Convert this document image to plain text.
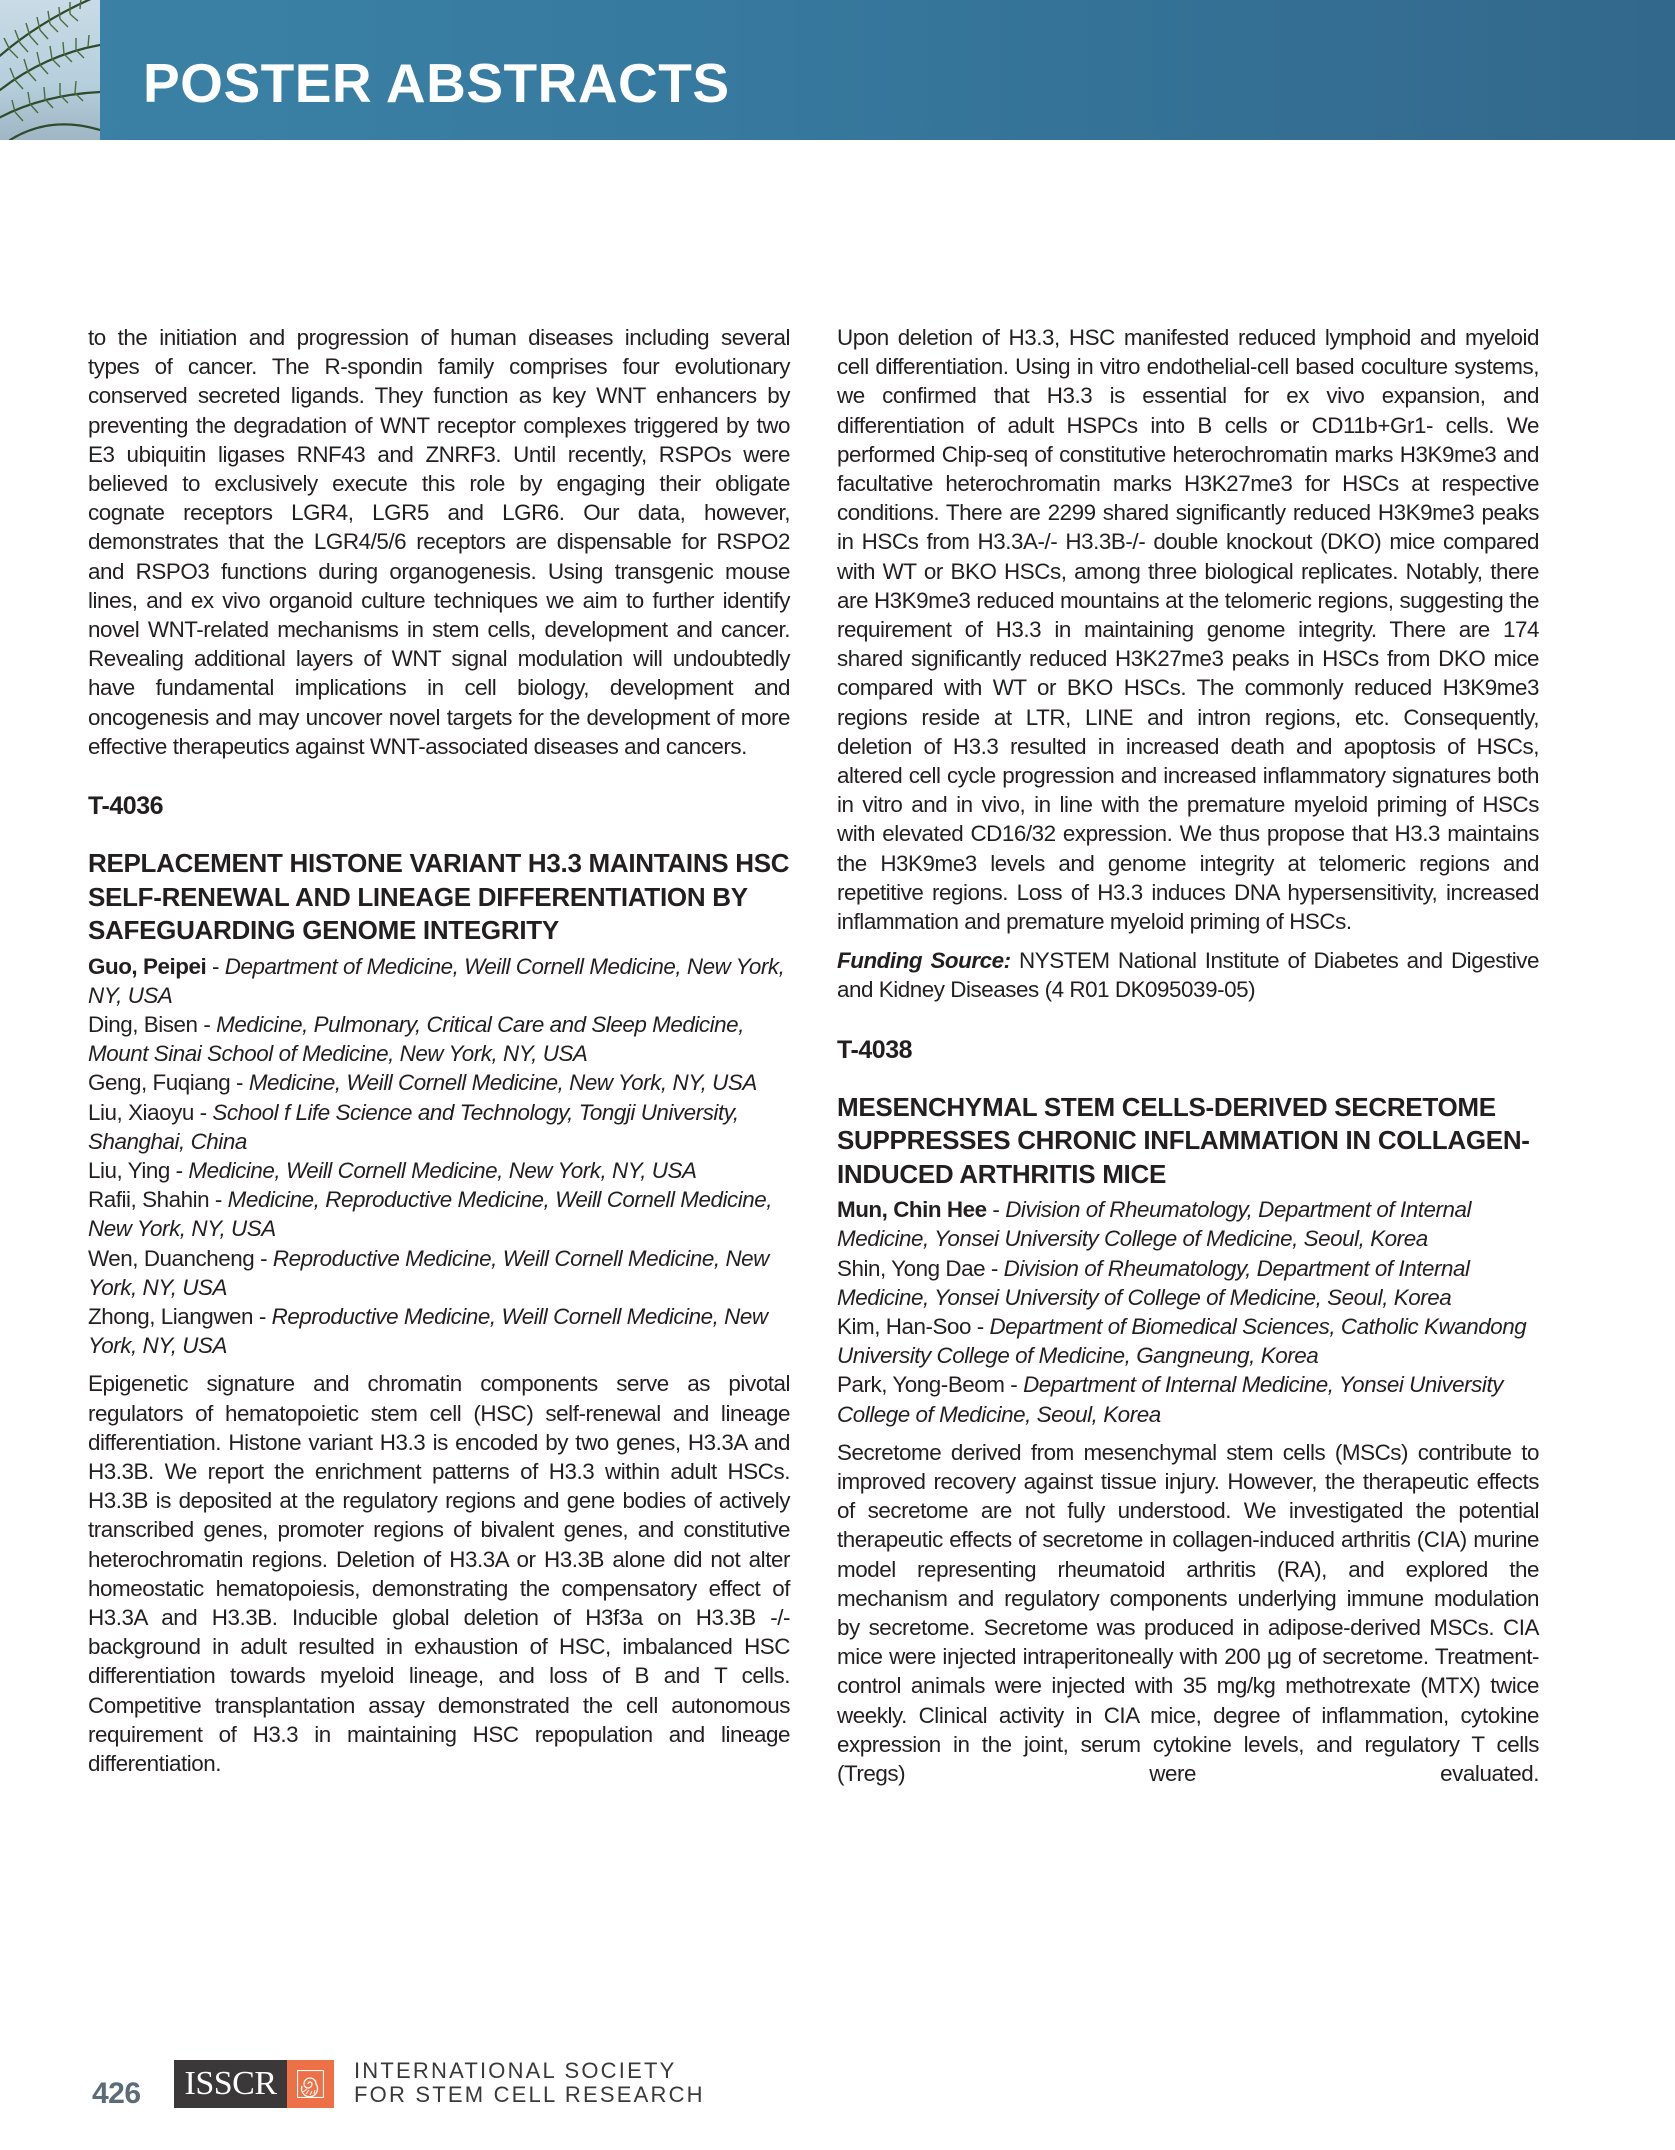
POSTER ABSTRACTS

to the initiation and progression of human diseases including several types of cancer. The R-spondin family comprises four evolutionary conserved secreted ligands. They function as key WNT enhancers by preventing the degradation of WNT receptor complexes triggered by two E3 ubiquitin ligases RNF43 and ZNRF3. Until recently, RSPOs were believed to exclusively execute this role by engaging their obligate cognate receptors LGR4, LGR5 and LGR6. Our data, however, demonstrates that the LGR4/5/6 receptors are dispensable for RSPO2 and RSPO3 functions during organogenesis. Using transgenic mouse lines, and ex vivo organoid culture techniques we aim to further identify novel WNT-related mechanisms in stem cells, development and cancer. Revealing additional layers of WNT signal modulation will undoubtedly have fundamental implications in cell biology, development and oncogenesis and may uncover novel targets for the development of more effective therapeutics against WNT-associated diseases and cancers.

T-4036
REPLACEMENT HISTONE VARIANT H3.3 MAINTAINS HSC SELF-RENEWAL AND LINEAGE DIFFERENTIATION BY SAFEGUARDING GENOME INTEGRITY
Guo, Peipei - Department of Medicine, Weill Cornell Medicine, New York, NY, USA
Ding, Bisen - Medicine, Pulmonary, Critical Care and Sleep Medicine, Mount Sinai School of Medicine, New York, NY, USA
Geng, Fuqiang - Medicine, Weill Cornell Medicine, New York, NY, USA
Liu, Xiaoyu - School f Life Science and Technology, Tongji University, Shanghai, China
Liu, Ying - Medicine, Weill Cornell Medicine, New York, NY, USA
Rafii, Shahin - Medicine, Reproductive Medicine, Weill Cornell Medicine, New York, NY, USA
Wen, Duancheng - Reproductive Medicine, Weill Cornell Medicine, New York, NY, USA
Zhong, Liangwen - Reproductive Medicine, Weill Cornell Medicine, New York, NY, USA

Epigenetic signature and chromatin components serve as pivotal regulators of hematopoietic stem cell (HSC) self-renewal and lineage differentiation. Histone variant H3.3 is encoded by two genes, H3.3A and H3.3B. We report the enrichment patterns of H3.3 within adult HSCs. H3.3B is deposited at the regulatory regions and gene bodies of actively transcribed genes, promoter regions of bivalent genes, and constitutive heterochromatin regions. Deletion of H3.3A or H3.3B alone did not alter homeostatic hematopoiesis, demonstrating the compensatory effect of H3.3A and H3.3B. Inducible global deletion of H3f3a on H3.3B -/- background in adult resulted in exhaustion of HSC, imbalanced HSC differentiation towards myeloid lineage, and loss of B and T cells. Competitive transplantation assay demonstrated the cell autonomous requirement of H3.3 in maintaining HSC repopulation and lineage differentiation.

Upon deletion of H3.3, HSC manifested reduced lymphoid and myeloid cell differentiation. Using in vitro endothelial-cell based coculture systems, we confirmed that H3.3 is essential for ex vivo expansion, and differentiation of adult HSPCs into B cells or CD11b+Gr1- cells. We performed Chip-seq of constitutive heterochromatin marks H3K9me3 and facultative heterochromatin marks H3K27me3 for HSCs at respective conditions. There are 2299 shared significantly reduced H3K9me3 peaks in HSCs from H3.3A-/- H3.3B-/- double knockout (DKO) mice compared with WT or BKO HSCs, among three biological replicates. Notably, there are H3K9me3 reduced mountains at the telomeric regions, suggesting the requirement of H3.3 in maintaining genome integrity. There are 174 shared significantly reduced H3K27me3 peaks in HSCs from DKO mice compared with WT or BKO HSCs. The commonly reduced H3K9me3 regions reside at LTR, LINE and intron regions, etc. Consequently, deletion of H3.3 resulted in increased death and apoptosis of HSCs, altered cell cycle progression and increased inflammatory signatures both in vitro and in vivo, in line with the premature myeloid priming of HSCs with elevated CD16/32 expression. We thus propose that H3.3 maintains the H3K9me3 levels and genome integrity at telomeric regions and repetitive regions. Loss of H3.3 induces DNA hypersensitivity, increased inflammation and premature myeloid priming of HSCs.

Funding Source: NYSTEM National Institute of Diabetes and Digestive and Kidney Diseases (4 R01 DK095039-05)

T-4038
MESENCHYMAL STEM CELLS-DERIVED SECRETOME SUPPRESSES CHRONIC INFLAMMATION IN COLLAGEN-INDUCED ARTHRITIS MICE
Mun, Chin Hee - Division of Rheumatology, Department of Internal Medicine, Yonsei University College of Medicine, Seoul, Korea
Shin, Yong Dae - Division of Rheumatology, Department of Internal Medicine, Yonsei University of College of Medicine, Seoul, Korea
Kim, Han-Soo - Department of Biomedical Sciences, Catholic Kwandong University College of Medicine, Gangneung, Korea
Park, Yong-Beom - Department of Internal Medicine, Yonsei University College of Medicine, Seoul, Korea

Secretome derived from mesenchymal stem cells (MSCs) contribute to improved recovery against tissue injury. However, the therapeutic effects of secretome are not fully understood. We investigated the potential therapeutic effects of secretome in collagen-induced arthritis (CIA) murine model representing rheumatoid arthritis (RA), and explored the mechanism and regulatory components underlying immune modulation by secretome. Secretome was produced in adipose-derived MSCs. CIA mice were injected intraperitoneally with 200 µg of secretome. Treatment-control animals were injected with 35 mg/kg methotrexate (MTX) twice weekly. Clinical activity in CIA mice, degree of inflammation, cytokine expression in the joint, serum cytokine levels, and regulatory T cells (Tregs) were evaluated.

426	ISSCR	INTERNATIONAL SOCIETY
FOR STEM CELL RESEARCH
